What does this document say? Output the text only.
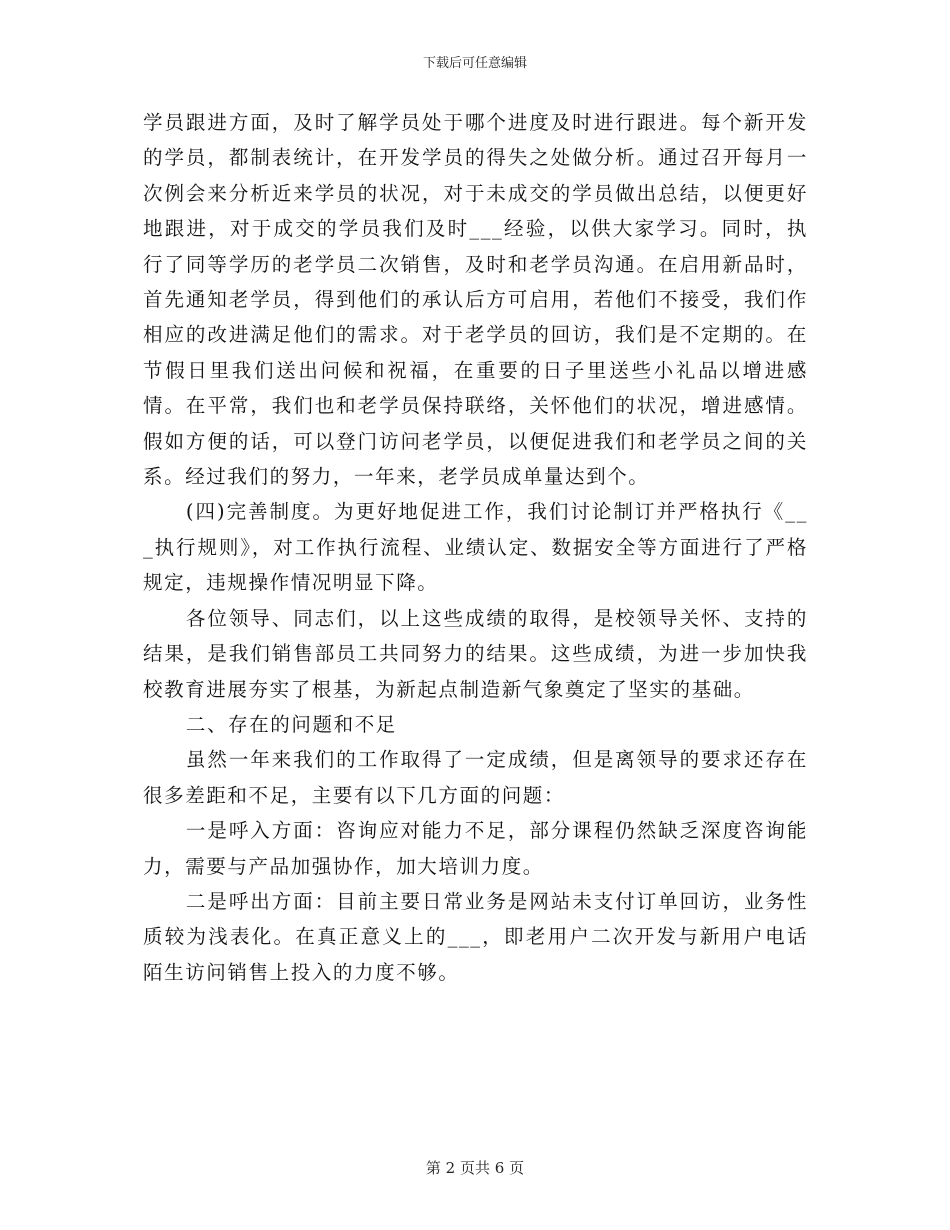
下载后可任意编辑

学员跟进方面，及时了解学员处于哪个进度及时进行跟进。每个新开发的学员，都制表统计，在开发学员的得失之处做分析。通过召开每月一次例会来分析近来学员的状况，对于未成交的学员做出总结，以便更好地跟进，对于成交的学员我们及时___经验，以供大家学习。同时，执行了同等学历的老学员二次销售，及时和老学员沟通。在启用新品时，首先通知老学员，得到他们的承认后方可启用，若他们不接受，我们作相应的改进满足他们的需求。对于老学员的回访，我们是不定期的。在节假日里我们送出问候和祝福，在重要的日子里送些小礼品以增进感情。在平常，我们也和老学员保持联络，关怀他们的状况，增进感情。假如方便的话，可以登门访问老学员，以便促进我们和老学员之间的关系。经过我们的努力，一年来，老学员成单量达到个。

(四)完善制度。为更好地促进工作，我们讨论制订并严格执行《___执行规则》，对工作执行流程、业绩认定、数据安全等方面进行了严格规定，违规操作情况明显下降。

各位领导、同志们，以上这些成绩的取得，是校领导关怀、支持的结果，是我们销售部员工共同努力的结果。这些成绩，为进一步加快我校教育进展夯实了根基，为新起点制造新气象奠定了坚实的基础。

二、存在的问题和不足

虽然一年来我们的工作取得了一定成绩，但是离领导的要求还存在很多差距和不足，主要有以下几方面的问题：

一是呼入方面：咨询应对能力不足，部分课程仍然缺乏深度咨询能力，需要与产品加强协作，加大培训力度。

二是呼出方面：目前主要日常业务是网站未支付订单回访，业务性质较为浅表化。在真正意义上的___，即老用户二次开发与新用户电话陌生访问销售上投入的力度不够。

第 2 页共 6 页
